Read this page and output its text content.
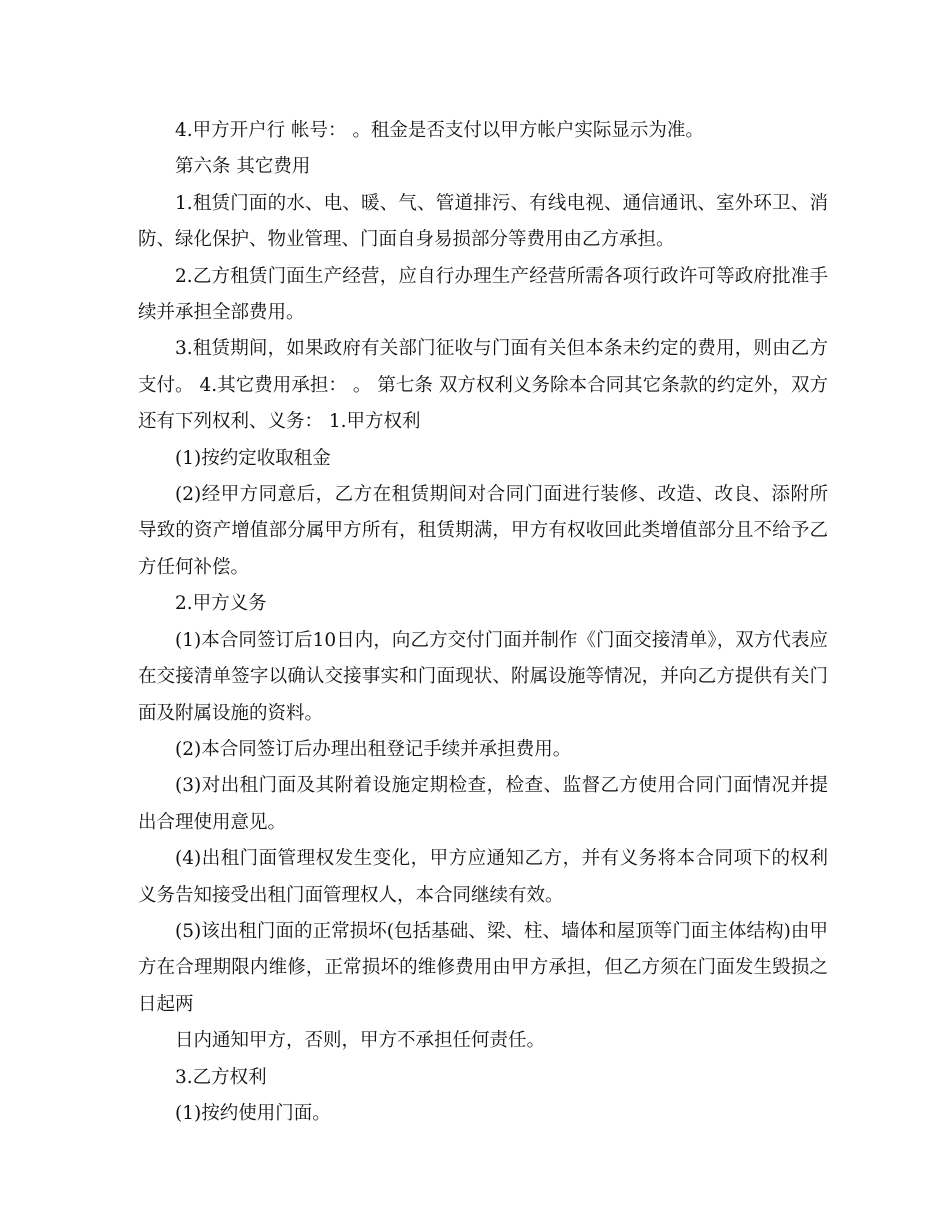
4.甲方开户行 帐号： 。租金是否支付以甲方帐户实际显示为准。

第六条 其它费用

1.租赁门面的水、电、暖、气、管道排污、有线电视、通信通讯、室外环卫、消防、绿化保护、物业管理、门面自身易损部分等费用由乙方承担。

2.乙方租赁门面生产经营，应自行办理生产经营所需各项行政许可等政府批准手续并承担全部费用。

3.租赁期间，如果政府有关部门征收与门面有关但本条未约定的费用，则由乙方支付。 4.其它费用承担： 。 第七条 双方权利义务除本合同其它条款的约定外，双方还有下列权利、义务： 1.甲方权利

(1)按约定收取租金

(2)经甲方同意后，乙方在租赁期间对合同门面进行装修、改造、改良、添附所导致的资产增值部分属甲方所有，租赁期满，甲方有权收回此类增值部分且不给予乙方任何补偿。

2.甲方义务

(1)本合同签订后10日内，向乙方交付门面并制作《门面交接清单》，双方代表应在交接清单签字以确认交接事实和门面现状、附属设施等情况，并向乙方提供有关门面及附属设施的资料。

(2)本合同签订后办理出租登记手续并承担费用。

(3)对出租门面及其附着设施定期检查，检查、监督乙方使用合同门面情况并提出合理使用意见。

(4)出租门面管理权发生变化，甲方应通知乙方，并有义务将本合同项下的权利义务告知接受出租门面管理权人，本合同继续有效。

(5)该出租门面的正常损坏(包括基础、梁、柱、墙体和屋顶等门面主体结构)由甲方在合理期限内维修，正常损坏的维修费用由甲方承担，但乙方须在门面发生毁损之日起两

日内通知甲方，否则，甲方不承担任何责任。

3.乙方权利

(1)按约使用门面。
